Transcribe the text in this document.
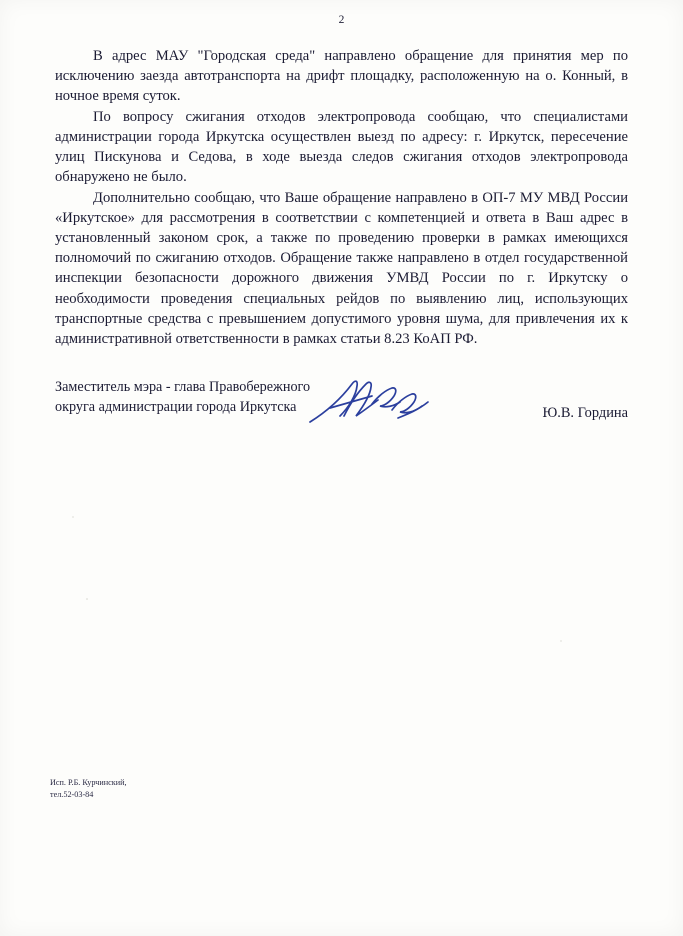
2

В адрес МАУ "Городская среда" направлено обращение для принятия мер по исключению заезда автотранспорта на дрифт площадку, расположенную на о. Конный, в ночное время суток.

По вопросу сжигания отходов электропровода сообщаю, что специалистами администрации города Иркутска осуществлен выезд по адресу: г. Иркутск, пересечение улиц Пискунова и Седова, в ходе выезда следов сжигания отходов электропровода обнаружено не было.

Дополнительно сообщаю, что Ваше обращение направлено в ОП-7 МУ МВД России «Иркутское» для рассмотрения в соответствии с компетенцией и ответа в Ваш адрес в установленный законом срок, а также по проведению проверки в рамках имеющихся полномочий по сжиганию отходов. Обращение также направлено в отдел государственной инспекции безопасности дорожного движения УМВД России по г. Иркутску о необходимости проведения специальных рейдов по выявлению лиц, использующих транспортные средства с превышением допустимого уровня шума, для привлечения их к административной ответственности в рамках статьи 8.23 КоАП РФ.

Заместитель мэра - глава Правобережного
округа администрации города Иркутска	Ю.В. Гордина
Исп. Р.Б. Курчинский,
тел.52-03-84
